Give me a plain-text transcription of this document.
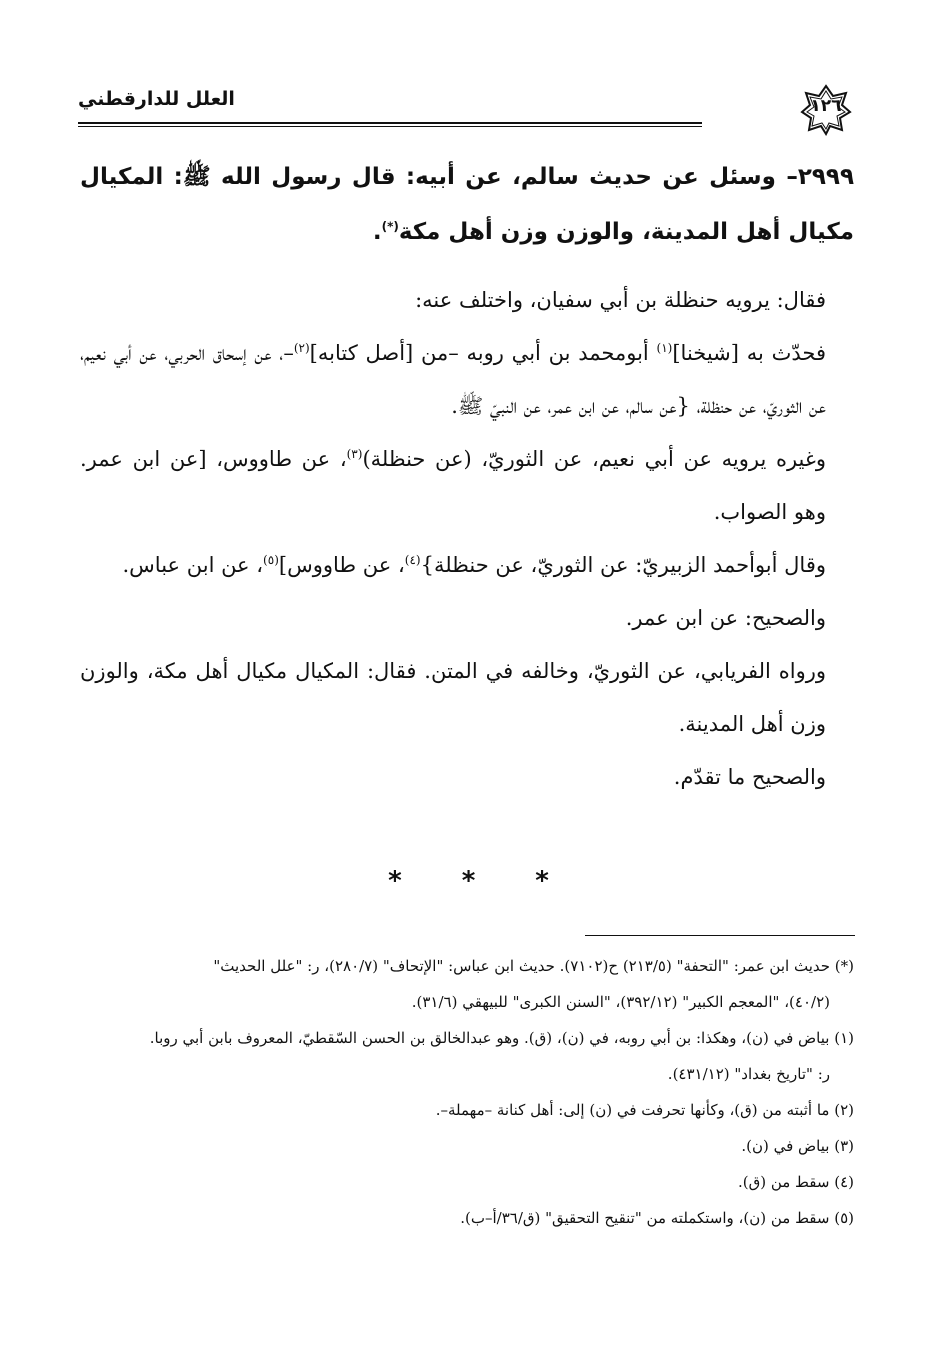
١٢٦
العلل للدارقطني
٢٩٩٩– وسئل عن حديث سالم، عن أبيه: قال رسول الله ﷺ: المكيال مكيال أهل المدينة، والوزن وزن أهل مكة(*).

فقال: يرويه حنظلة بن أبي سفيان، واختلف عنه:

فحدّث به [شيخنا]$^{(١)}$ أبومحمد بن أبي روبه –من [أصل كتابه]$^{(٢)}$–، عن إسحاق الحربي، عن أبي نعيم، عن الثوريّ، عن حنظلة، {عن سالم، عن ابن عمر، عن النبيّ ﷺ.

وغيره يرويه عن أبي نعيم، عن الثوريّ، (عن حنظلة)$^{(٣)}$، عن طاووس، [عن ابن عمر. وهو الصواب.

وقال أبوأحمد الزبيريّ: عن الثوريّ، عن حنظلة}$^{(٤)}$، عن طاووس]$^{(٥)}$، عن ابن عباس.

والصحيح: عن ابن عمر.

ورواه الفريابي، عن الثوريّ، وخالفه في المتن. فقال: المكيال مكيال أهل مكة، والوزن وزن أهل المدينة.

والصحيح ما تقدّم.

* * *

(*) حديث ابن عمر: "التحفة" (٢١٣/٥) ح(٧١٠٢). حديث ابن عباس: "الإتحاف" (٢٨٠/٧)، ر: "علل الحديث"

(٤٠/٢)، "المعجم الكبير" (٣٩٢/١٢)، "السنن الكبرى" للبيهقي (٣١/٦).

(١) بياض في (ن)، وهكذا: بن أبي روبه، في (ن)، (ق). وهو عبدالخالق بن الحسن السّقطيّ، المعروف بابن أبي روبا.

ر: "تاريخ بغداد" (٤٣١/١٢).

(٢) ما أثبته من (ق)، وكأنها تحرفت في (ن) إلى: أهل كنانة –مهملة–.

(٣) بياض في (ن).

(٤) سقط من (ق).

(٥) سقط من (ن)، واستكملته من "تنقيح التحقيق" (ق/٣٦/أ–ب).
